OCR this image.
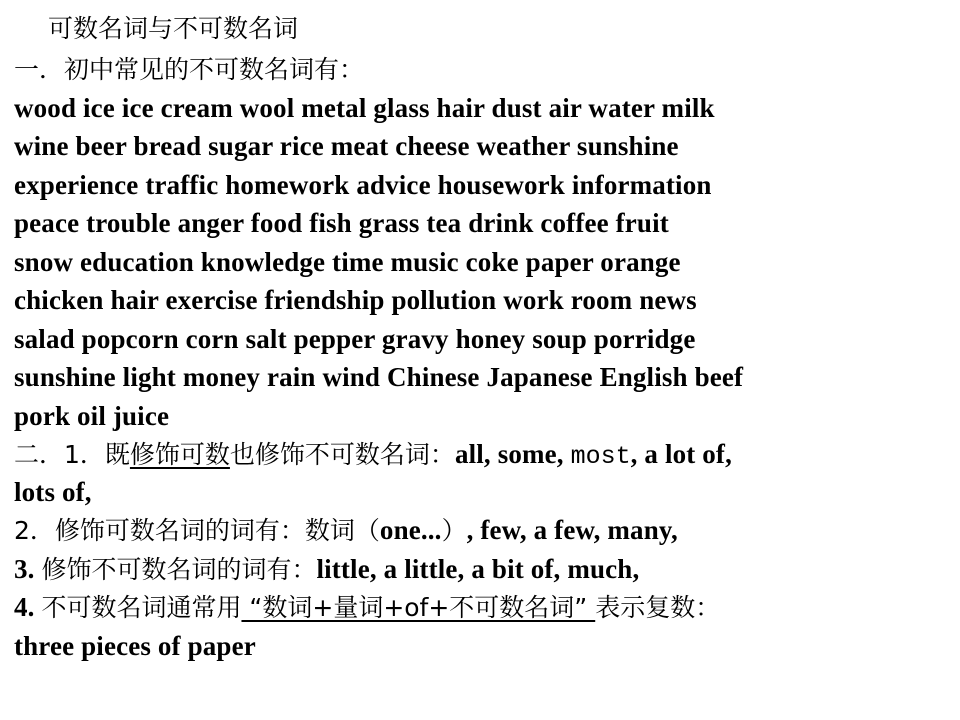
可数名词与不可数名词
一．初中常见的不可数名词有：
wood ice ice cream wool metal glass hair dust air water milk
wine beer bread sugar rice meat cheese weather sunshine
experience traffic homework advice housework information
peace trouble anger food fish grass tea drink coffee fruit
snow education knowledge time music coke paper orange
chicken hair exercise friendship pollution work room news
salad popcorn corn salt pepper gravy honey soup porridge
sunshine light money rain wind Chinese Japanese English beef
pork oil juice
二．1．既修饰可数也修饰不可数名词：all, some, most, a lot of,
lots of,
2．修饰可数名词的词有：数词（one...）, few, a few, many,
3. 修饰不可数名词的词有：little, a little, a bit of, much,
4. 不可数名词通常用 “数词+量词+of+不可数名词” 表示复数：
three pieces of paper
